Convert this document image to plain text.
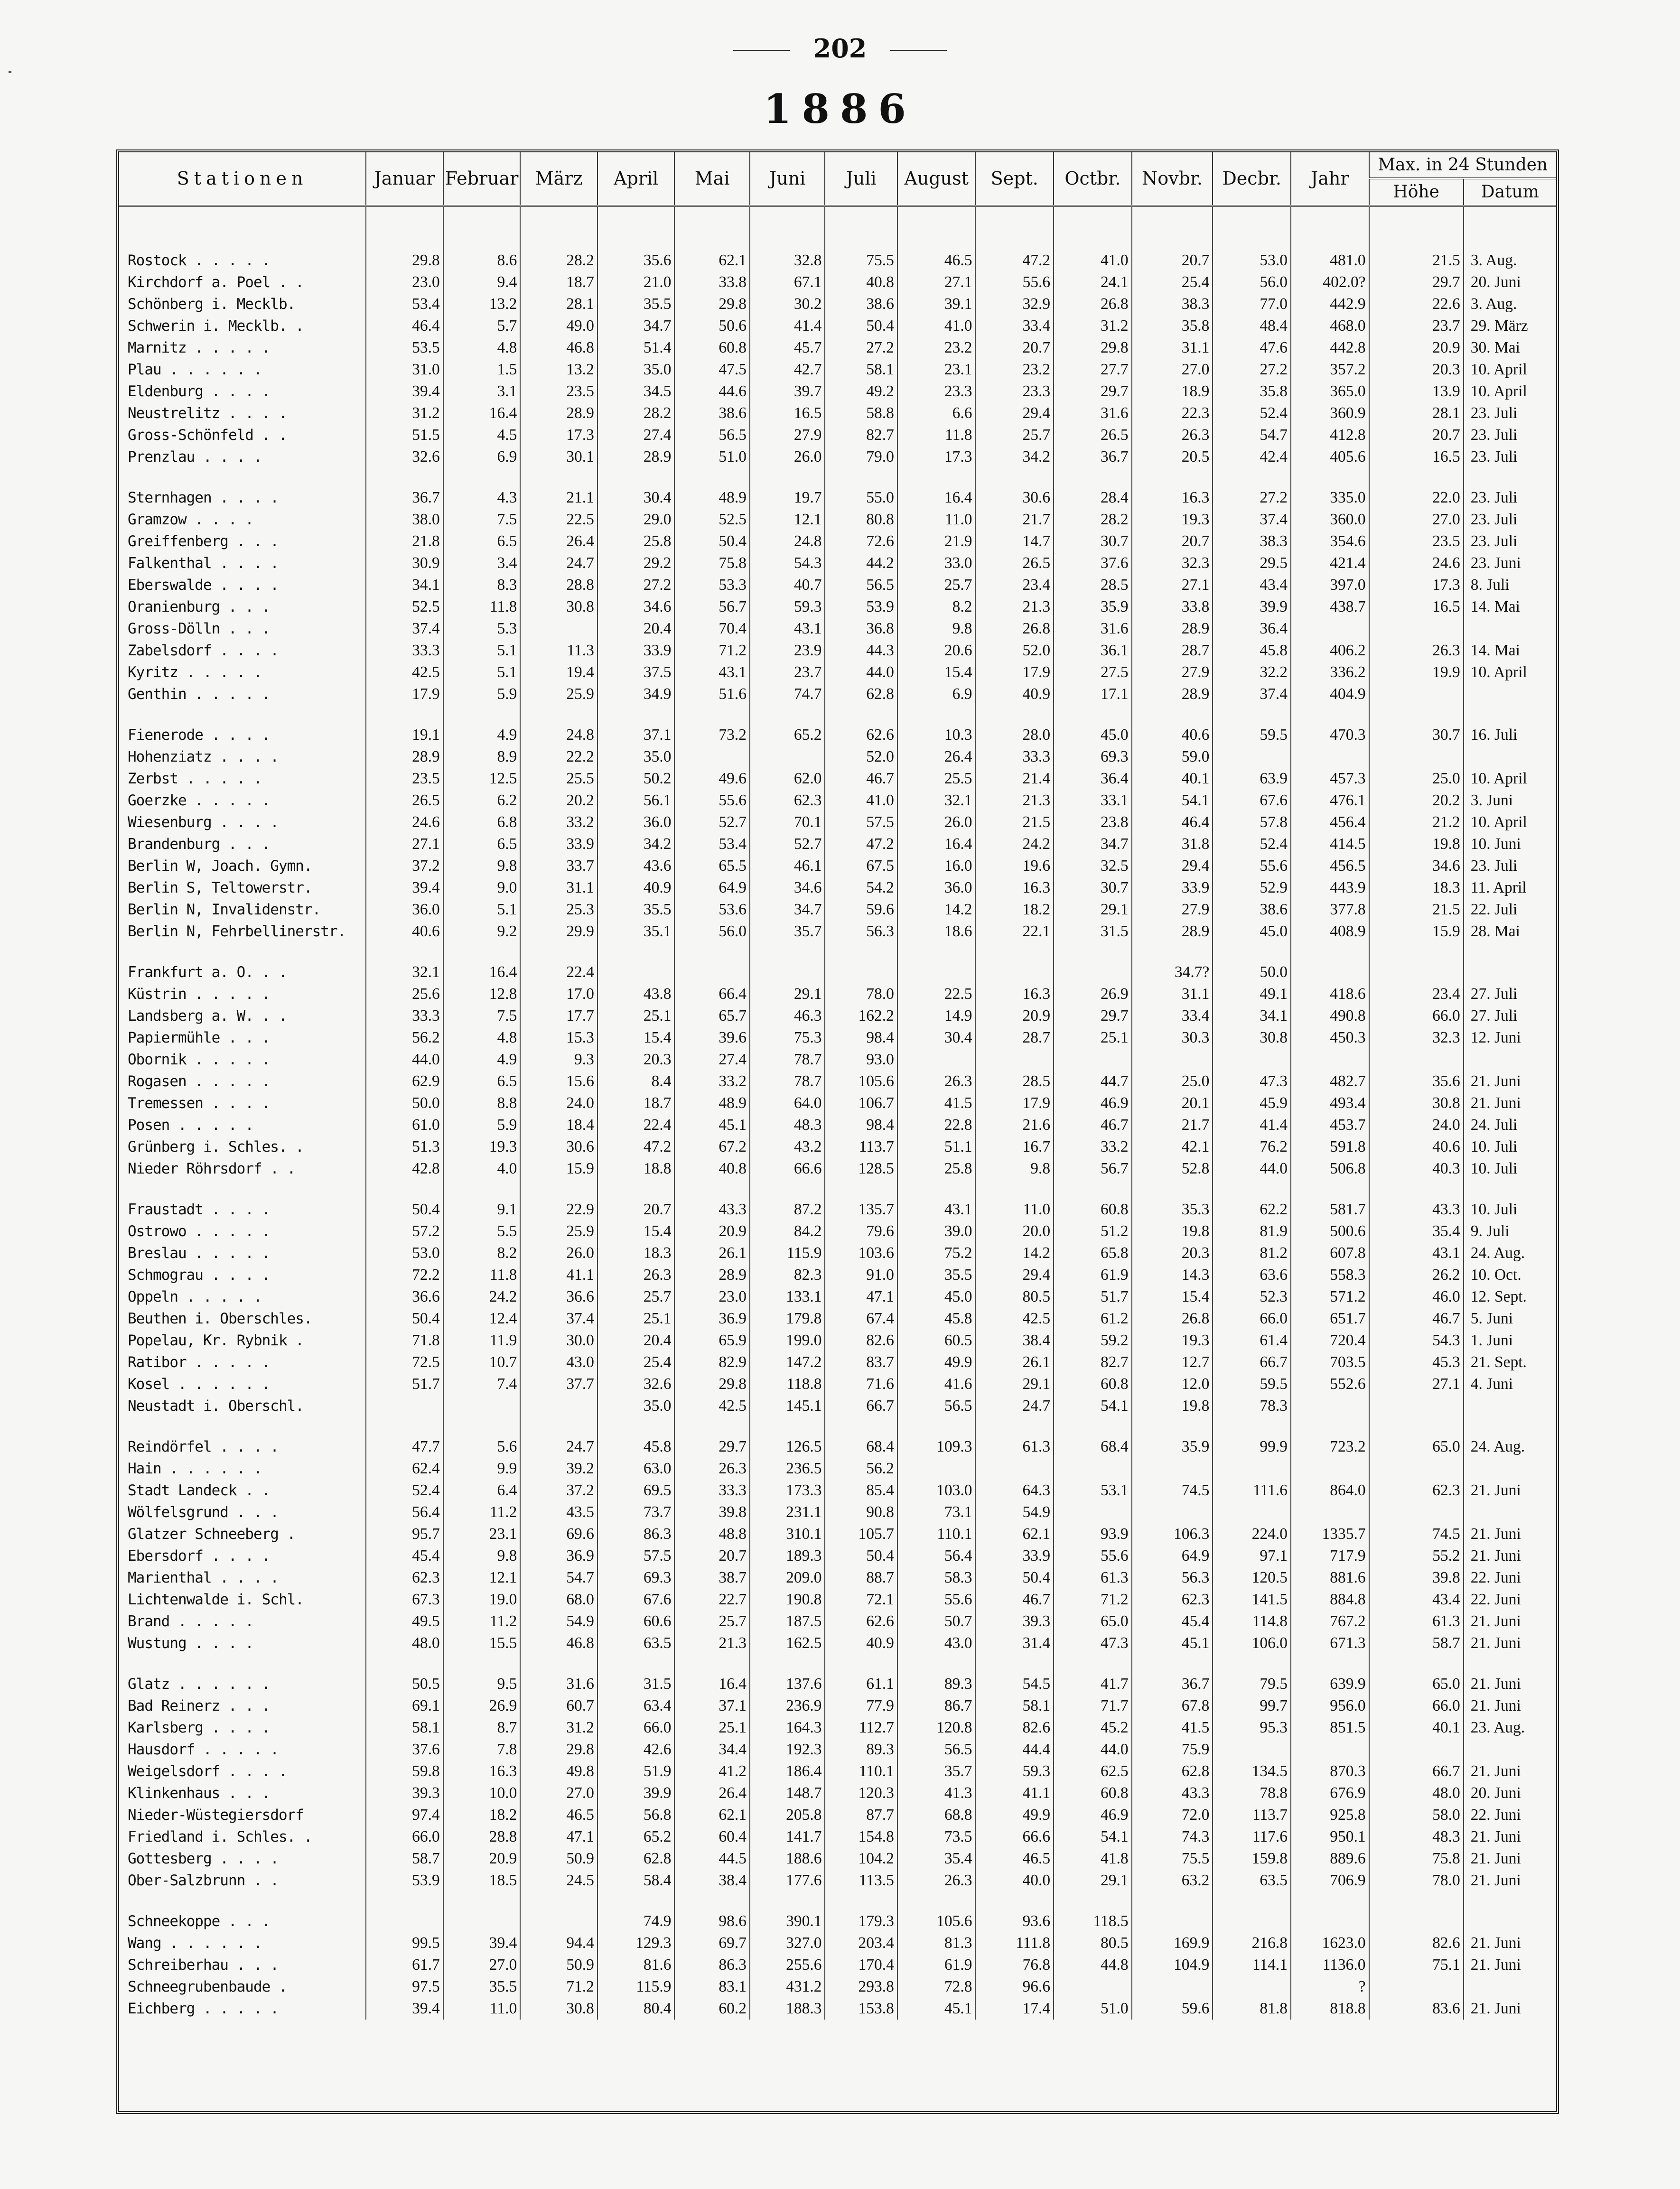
202
1886
Stationen	Januar	Februar	März	April	Mai	Juni	Juli	August	Sept.	Octbr.	Novbr.	Decbr.	Jahr	Max. in 24 Stunden	
														Höhe	Datum

Rostock . . . . .	29.8	8.6	28.2	35.6	62.1	32.8	75.5	46.5	47.2	41.0	20.7	53.0	481.0	21.5	3. Aug.
Kirchdorf a. Poel . .	23.0	9.4	18.7	21.0	33.8	67.1	40.8	27.1	55.6	24.1	25.4	56.0	402.0?	29.7	20. Juni
Schönberg i. Mecklb.	53.4	13.2	28.1	35.5	29.8	30.2	38.6	39.1	32.9	26.8	38.3	77.0	442.9	22.6	3. Aug.
Schwerin i. Mecklb. .	46.4	5.7	49.0	34.7	50.6	41.4	50.4	41.0	33.4	31.2	35.8	48.4	468.0	23.7	29. März
Marnitz . . . . .	53.5	4.8	46.8	51.4	60.8	45.7	27.2	23.2	20.7	29.8	31.1	47.6	442.8	20.9	30. Mai
Plau . . . . . .	31.0	1.5	13.2	35.0	47.5	42.7	58.1	23.1	23.2	27.7	27.0	27.2	357.2	20.3	10. April
Eldenburg . . . .	39.4	3.1	23.5	34.5	44.6	39.7	49.2	23.3	23.3	29.7	18.9	35.8	365.0	13.9	10. April
Neustrelitz . . . .	31.2	16.4	28.9	28.2	38.6	16.5	58.8	6.6	29.4	31.6	22.3	52.4	360.9	28.1	23. Juli
Gross-Schönfeld . .	51.5	4.5	17.3	27.4	56.5	27.9	82.7	11.8	25.7	26.5	26.3	54.7	412.8	20.7	23. Juli
Prenzlau . . . .	32.6	6.9	30.1	28.9	51.0	26.0	79.0	17.3	34.2	36.7	20.5	42.4	405.6	16.5	23. Juli

Sternhagen . . . .	36.7	4.3	21.1	30.4	48.9	19.7	55.0	16.4	30.6	28.4	16.3	27.2	335.0	22.0	23. Juli
Gramzow . . . .	38.0	7.5	22.5	29.0	52.5	12.1	80.8	11.0	21.7	28.2	19.3	37.4	360.0	27.0	23. Juli
Greiffenberg . . .	21.8	6.5	26.4	25.8	50.4	24.8	72.6	21.9	14.7	30.7	20.7	38.3	354.6	23.5	23. Juli
Falkenthal . . . .	30.9	3.4	24.7	29.2	75.8	54.3	44.2	33.0	26.5	37.6	32.3	29.5	421.4	24.6	23. Juni
Eberswalde . . . .	34.1	8.3	28.8	27.2	53.3	40.7	56.5	25.7	23.4	28.5	27.1	43.4	397.0	17.3	8. Juli
Oranienburg . . .	52.5	11.8	30.8	34.6	56.7	59.3	53.9	8.2	21.3	35.9	33.8	39.9	438.7	16.5	14. Mai
Gross-Dölln . . .	37.4	5.3		20.4	70.4	43.1	36.8	9.8	26.8	31.6	28.9	36.4			
Zabelsdorf . . . .	33.3	5.1	11.3	33.9	71.2	23.9	44.3	20.6	52.0	36.1	28.7	45.8	406.2	26.3	14. Mai
Kyritz . . . . .	42.5	5.1	19.4	37.5	43.1	23.7	44.0	15.4	17.9	27.5	27.9	32.2	336.2	19.9	10. April
Genthin . . . . .	17.9	5.9	25.9	34.9	51.6	74.7	62.8	6.9	40.9	17.1	28.9	37.4	404.9		

Fienerode . . . .	19.1	4.9	24.8	37.1	73.2	65.2	62.6	10.3	28.0	45.0	40.6	59.5	470.3	30.7	16. Juli
Hohenziatz . . . .	28.9	8.9	22.2	35.0			52.0	26.4	33.3	69.3	59.0				
Zerbst . . . . .	23.5	12.5	25.5	50.2	49.6	62.0	46.7	25.5	21.4	36.4	40.1	63.9	457.3	25.0	10. April
Goerzke . . . . .	26.5	6.2	20.2	56.1	55.6	62.3	41.0	32.1	21.3	33.1	54.1	67.6	476.1	20.2	3. Juni
Wiesenburg . . . .	24.6	6.8	33.2	36.0	52.7	70.1	57.5	26.0	21.5	23.8	46.4	57.8	456.4	21.2	10. April
Brandenburg . . .	27.1	6.5	33.9	34.2	53.4	52.7	47.2	16.4	24.2	34.7	31.8	52.4	414.5	19.8	10. Juni
Berlin W, Joach. Gymn.	37.2	9.8	33.7	43.6	65.5	46.1	67.5	16.0	19.6	32.5	29.4	55.6	456.5	34.6	23. Juli
Berlin S, Teltowerstr.	39.4	9.0	31.1	40.9	64.9	34.6	54.2	36.0	16.3	30.7	33.9	52.9	443.9	18.3	11. April
Berlin N, Invalidenstr.	36.0	5.1	25.3	35.5	53.6	34.7	59.6	14.2	18.2	29.1	27.9	38.6	377.8	21.5	22. Juli
Berlin N, Fehrbellinerstr.	40.6	9.2	29.9	35.1	56.0	35.7	56.3	18.6	22.1	31.5	28.9	45.0	408.9	15.9	28. Mai

Frankfurt a. O. . .	32.1	16.4	22.4								34.7?	50.0			
Küstrin . . . . .	25.6	12.8	17.0	43.8	66.4	29.1	78.0	22.5	16.3	26.9	31.1	49.1	418.6	23.4	27. Juli
Landsberg a. W. . .	33.3	7.5	17.7	25.1	65.7	46.3	162.2	14.9	20.9	29.7	33.4	34.1	490.8	66.0	27. Juli
Papiermühle . . .	56.2	4.8	15.3	15.4	39.6	75.3	98.4	30.4	28.7	25.1	30.3	30.8	450.3	32.3	12. Juni
Obornik . . . . .	44.0	4.9	9.3	20.3	27.4	78.7	93.0								
Rogasen . . . . .	62.9	6.5	15.6	8.4	33.2	78.7	105.6	26.3	28.5	44.7	25.0	47.3	482.7	35.6	21. Juni
Tremessen . . . .	50.0	8.8	24.0	18.7	48.9	64.0	106.7	41.5	17.9	46.9	20.1	45.9	493.4	30.8	21. Juni
Posen . . . . .	61.0	5.9	18.4	22.4	45.1	48.3	98.4	22.8	21.6	46.7	21.7	41.4	453.7	24.0	24. Juli
Grünberg i. Schles. .	51.3	19.3	30.6	47.2	67.2	43.2	113.7	51.1	16.7	33.2	42.1	76.2	591.8	40.6	10. Juli
Nieder Röhrsdorf . .	42.8	4.0	15.9	18.8	40.8	66.6	128.5	25.8	9.8	56.7	52.8	44.0	506.8	40.3	10. Juli

Fraustadt . . . .	50.4	9.1	22.9	20.7	43.3	87.2	135.7	43.1	11.0	60.8	35.3	62.2	581.7	43.3	10. Juli
Ostrowo . . . . .	57.2	5.5	25.9	15.4	20.9	84.2	79.6	39.0	20.0	51.2	19.8	81.9	500.6	35.4	9. Juli
Breslau . . . . .	53.0	8.2	26.0	18.3	26.1	115.9	103.6	75.2	14.2	65.8	20.3	81.2	607.8	43.1	24. Aug.
Schmograu . . . .	72.2	11.8	41.1	26.3	28.9	82.3	91.0	35.5	29.4	61.9	14.3	63.6	558.3	26.2	10. Oct.
Oppeln . . . . .	36.6	24.2	36.6	25.7	23.0	133.1	47.1	45.0	80.5	51.7	15.4	52.3	571.2	46.0	12. Sept.
Beuthen i. Oberschles.	50.4	12.4	37.4	25.1	36.9	179.8	67.4	45.8	42.5	61.2	26.8	66.0	651.7	46.7	5. Juni
Popelau, Kr. Rybnik .	71.8	11.9	30.0	20.4	65.9	199.0	82.6	60.5	38.4	59.2	19.3	61.4	720.4	54.3	1. Juni
Ratibor . . . . .	72.5	10.7	43.0	25.4	82.9	147.2	83.7	49.9	26.1	82.7	12.7	66.7	703.5	45.3	21. Sept.
Kosel . . . . . .	51.7	7.4	37.7	32.6	29.8	118.8	71.6	41.6	29.1	60.8	12.0	59.5	552.6	27.1	4. Juni
Neustadt i. Oberschl.				35.0	42.5	145.1	66.7	56.5	24.7	54.1	19.8	78.3			

Reindörfel . . . .	47.7	5.6	24.7	45.8	29.7	126.5	68.4	109.3	61.3	68.4	35.9	99.9	723.2	65.0	24. Aug.
Hain . . . . . .	62.4	9.9	39.2	63.0	26.3	236.5	56.2								
Stadt Landeck . .	52.4	6.4	37.2	69.5	33.3	173.3	85.4	103.0	64.3	53.1	74.5	111.6	864.0	62.3	21. Juni
Wölfelsgrund . . .	56.4	11.2	43.5	73.7	39.8	231.1	90.8	73.1	54.9						
Glatzer Schneeberg .	95.7	23.1	69.6	86.3	48.8	310.1	105.7	110.1	62.1	93.9	106.3	224.0	1335.7	74.5	21. Juni
Ebersdorf . . . .	45.4	9.8	36.9	57.5	20.7	189.3	50.4	56.4	33.9	55.6	64.9	97.1	717.9	55.2	21. Juni
Marienthal . . . .	62.3	12.1	54.7	69.3	38.7	209.0	88.7	58.3	50.4	61.3	56.3	120.5	881.6	39.8	22. Juni
Lichtenwalde i. Schl.	67.3	19.0	68.0	67.6	22.7	190.8	72.1	55.6	46.7	71.2	62.3	141.5	884.8	43.4	22. Juni
Brand . . . . .	49.5	11.2	54.9	60.6	25.7	187.5	62.6	50.7	39.3	65.0	45.4	114.8	767.2	61.3	21. Juni
Wustung . . . .	48.0	15.5	46.8	63.5	21.3	162.5	40.9	43.0	31.4	47.3	45.1	106.0	671.3	58.7	21. Juni

Glatz . . . . . .	50.5	9.5	31.6	31.5	16.4	137.6	61.1	89.3	54.5	41.7	36.7	79.5	639.9	65.0	21. Juni
Bad Reinerz . . .	69.1	26.9	60.7	63.4	37.1	236.9	77.9	86.7	58.1	71.7	67.8	99.7	956.0	66.0	21. Juni
Karlsberg . . . .	58.1	8.7	31.2	66.0	25.1	164.3	112.7	120.8	82.6	45.2	41.5	95.3	851.5	40.1	23. Aug.
Hausdorf . . . . .	37.6	7.8	29.8	42.6	34.4	192.3	89.3	56.5	44.4	44.0	75.9				
Weigelsdorf . . . .	59.8	16.3	49.8	51.9	41.2	186.4	110.1	35.7	59.3	62.5	62.8	134.5	870.3	66.7	21. Juni
Klinkenhaus . . .	39.3	10.0	27.0	39.9	26.4	148.7	120.3	41.3	41.1	60.8	43.3	78.8	676.9	48.0	20. Juni
Nieder-Wüstegiersdorf	97.4	18.2	46.5	56.8	62.1	205.8	87.7	68.8	49.9	46.9	72.0	113.7	925.8	58.0	22. Juni
Friedland i. Schles. .	66.0	28.8	47.1	65.2	60.4	141.7	154.8	73.5	66.6	54.1	74.3	117.6	950.1	48.3	21. Juni
Gottesberg . . . .	58.7	20.9	50.9	62.8	44.5	188.6	104.2	35.4	46.5	41.8	75.5	159.8	889.6	75.8	21. Juni
Ober-Salzbrunn . .	53.9	18.5	24.5	58.4	38.4	177.6	113.5	26.3	40.0	29.1	63.2	63.5	706.9	78.0	21. Juni

Schneekoppe . . .				74.9	98.6	390.1	179.3	105.6	93.6	118.5					
Wang . . . . . .	99.5	39.4	94.4	129.3	69.7	327.0	203.4	81.3	111.8	80.5	169.9	216.8	1623.0	82.6	21. Juni
Schreiberhau . . .	61.7	27.0	50.9	81.6	86.3	255.6	170.4	61.9	76.8	44.8	104.9	114.1	1136.0	75.1	21. Juni
Schneegrubenbaude .	97.5	35.5	71.2	115.9	83.1	431.2	293.8	72.8	96.6				?		
Eichberg . . . . .	39.4	11.0	30.8	80.4	60.2	188.3	153.8	45.1	17.4	51.0	59.6	81.8	818.8	83.6	21. Juni
